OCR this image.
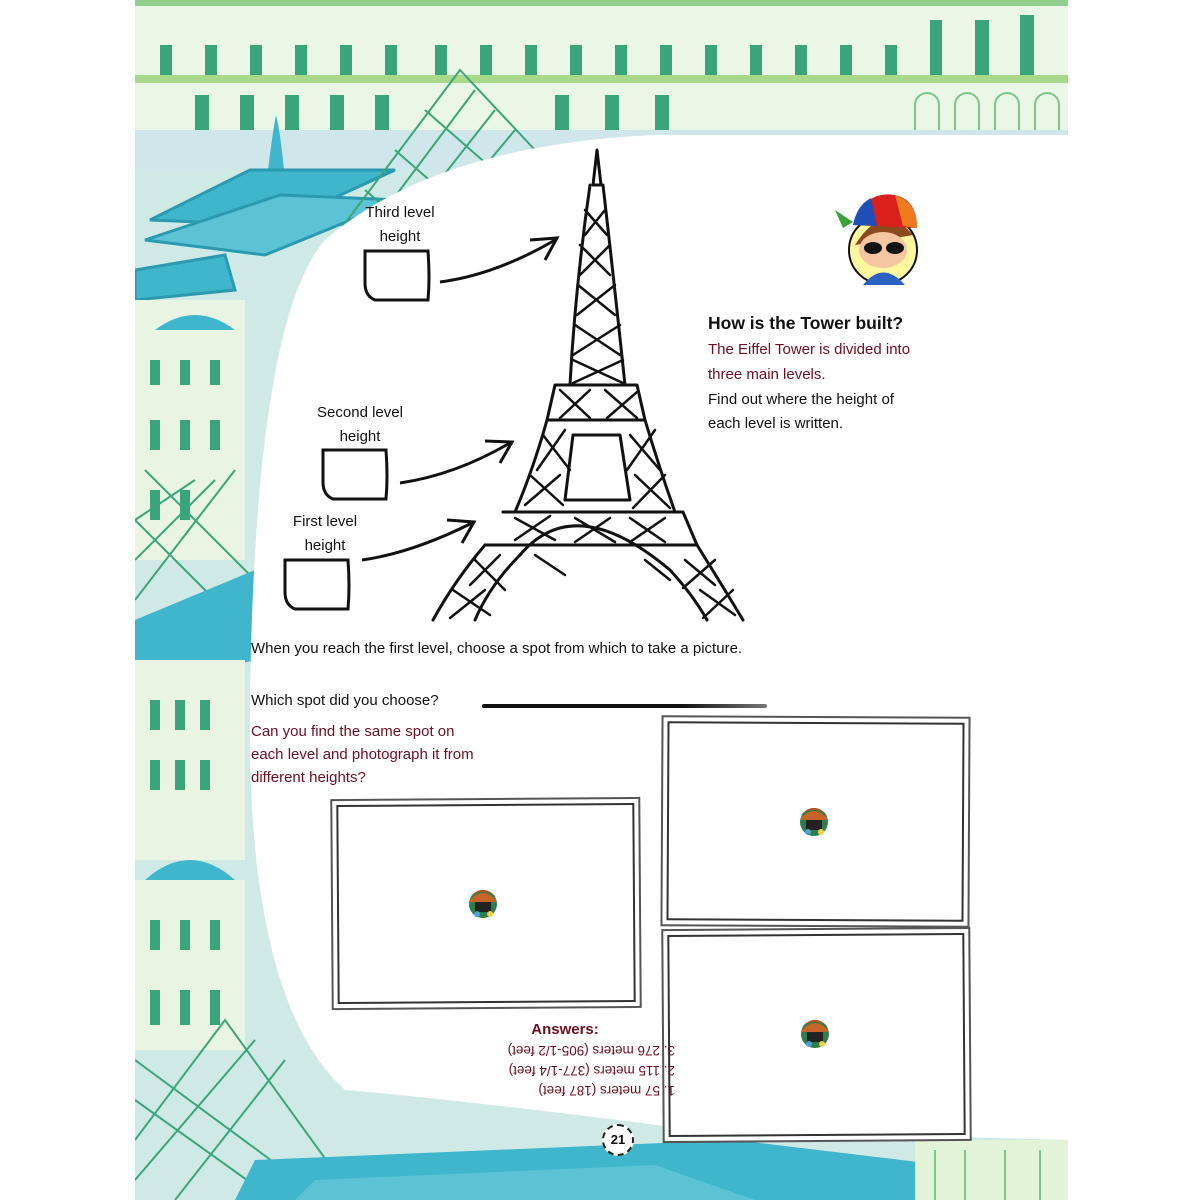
How is the Tower built?
The Eiffel Tower is divided into
three main levels.
Find out where the height of
each level is written.
Third level
height
Second level
height
First level
height
When you reach the first level, choose a spot from which to take a picture.
Which spot did you choose?
Can you find the same spot on
each level and photograph it from
different heights?
Answers:
1. 57 meters (187 feet)
2. 115 meters (377-1/4 feet)
3. 276 meters (905-1/2 feet)
21
